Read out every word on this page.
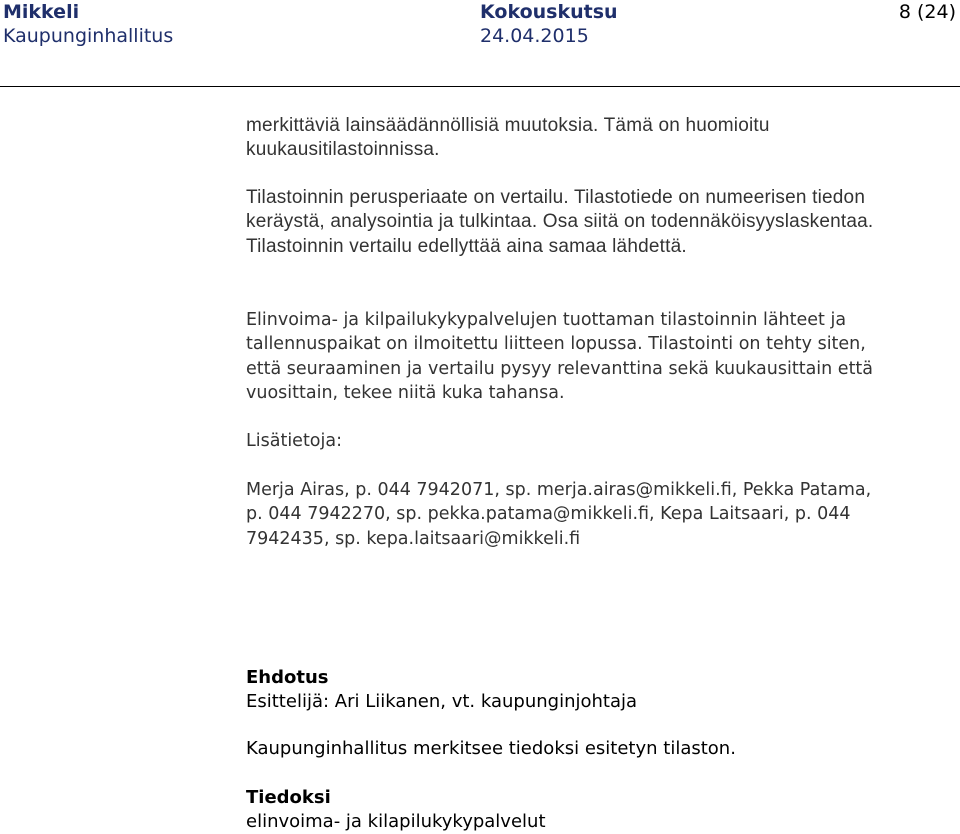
Mikkeli
Kaupunginhallitus
Kokouskutsu
24.04.2015
8 (24)

merkittäviä lainsäädännöllisiä muutoksia. Tämä on huomioitu kuukausitilastoinnissa.

Tilastoinnin perusperiaate on vertailu. Tilastotiede on numeerisen tiedon keräystä, analysointia ja tulkintaa. Osa siitä on todennäköisyyslaskentaa. Tilastoinnin vertailu edellyttää aina samaa lähdettä.

Elinvoima- ja kilpailukykypalvelujen tuottaman tilastoinnin lähteet ja tallennuspaikat on ilmoitettu liitteen lopussa. Tilastointi on tehty siten, että seuraaminen ja vertailu pysyy relevanttina sekä kuukausittain että vuosittain, tekee niitä kuka tahansa.

Lisätietoja:

Merja Airas, p. 044 7942071, sp. merja.airas@mikkeli.fi, Pekka Patama, p. 044 7942270, sp. pekka.patama@mikkeli.fi, Kepa Laitsaari, p. 044 7942435, sp. kepa.laitsaari@mikkeli.fi

Ehdotus
Esittelijä: Ari Liikanen, vt. kaupunginjohtaja
Kaupunginhallitus merkitsee tiedoksi esitetyn tilaston.
Tiedoksi
elinvoima- ja kilapilukykypalvelut
